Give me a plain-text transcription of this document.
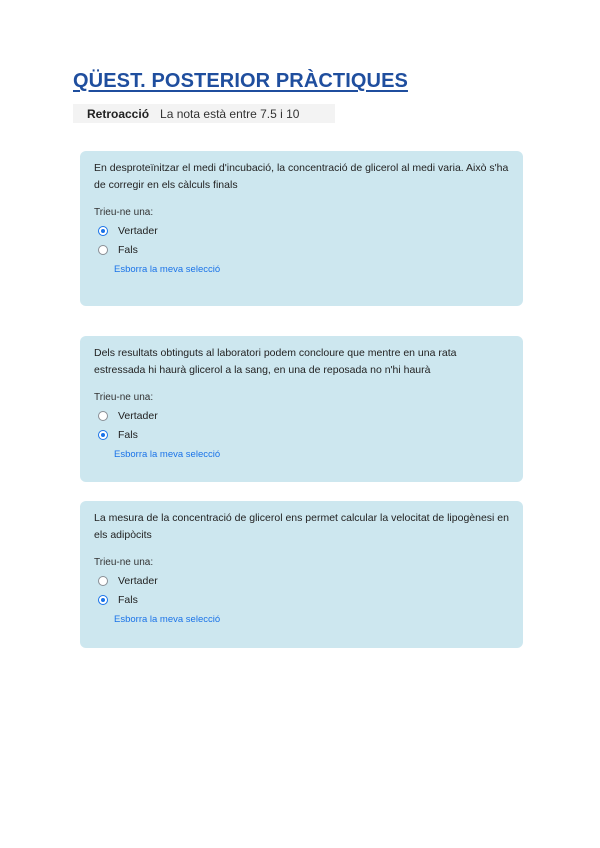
QÜEST. POSTERIOR PRÀCTIQUES
Retroacció La nota està entre 7.5 i 10

En desproteïnitzar el medi d'incubació, la concentració de glicerol al medi varia. Això s'ha de corregir en els càlculs finals

Trieu-ne una:
Vertader
Fals
Esborra la meva selecció

Dels resultats obtinguts al laboratori podem concloure que mentre en una rata estressada hi haurà glicerol a la sang, en una de reposada no n'hi haurà

Trieu-ne una:
Vertader
Fals
Esborra la meva selecció

La mesura de la concentració de glicerol ens permet calcular la velocitat de lipogènesi en els adipòcits

Trieu-ne una:
Vertader
Fals
Esborra la meva selecció
